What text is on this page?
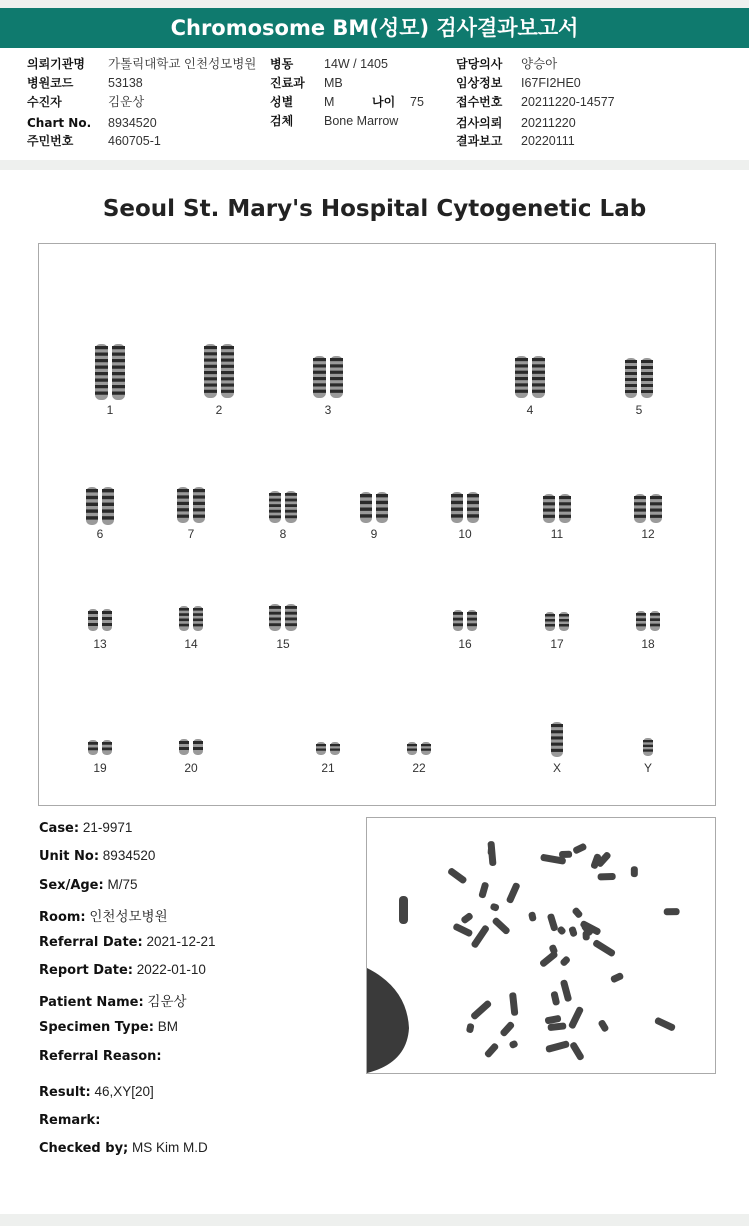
Chromosome BM(성모) 검사결과보고서
의뢰기관명 가톨릭대학교 인천성모병원
병원코드	53138
수진자	김운상
Chart No. 8934520
주민번호	460705-1
병동 14W / 1405
진료과 MB
성별 M	나이 75
검체 Bone Marrow
담당의사 양승아
임상정보 I67FI2HE0
접수번호 20211220-14577
검사의뢰 20211220
결과보고 20220111
Seoul St. Mary's Hospital Cytogenetic Lab
1	2	3	4	5
6	7	8	9	10	11	12
13	14	15	16	17	18
19	20	21	22	X	Y
Case: 21-9971
Unit No: 8934520
Sex/Age: M/75
Room: 인천성모병원
Referral Date: 2021-12-21
Report Date: 2022-01-10
Patient Name: 김운상
Specimen Type: BM
Referral Reason:
Result: 46,XY[20]
Remark:
Checked by; MS Kim M.D
